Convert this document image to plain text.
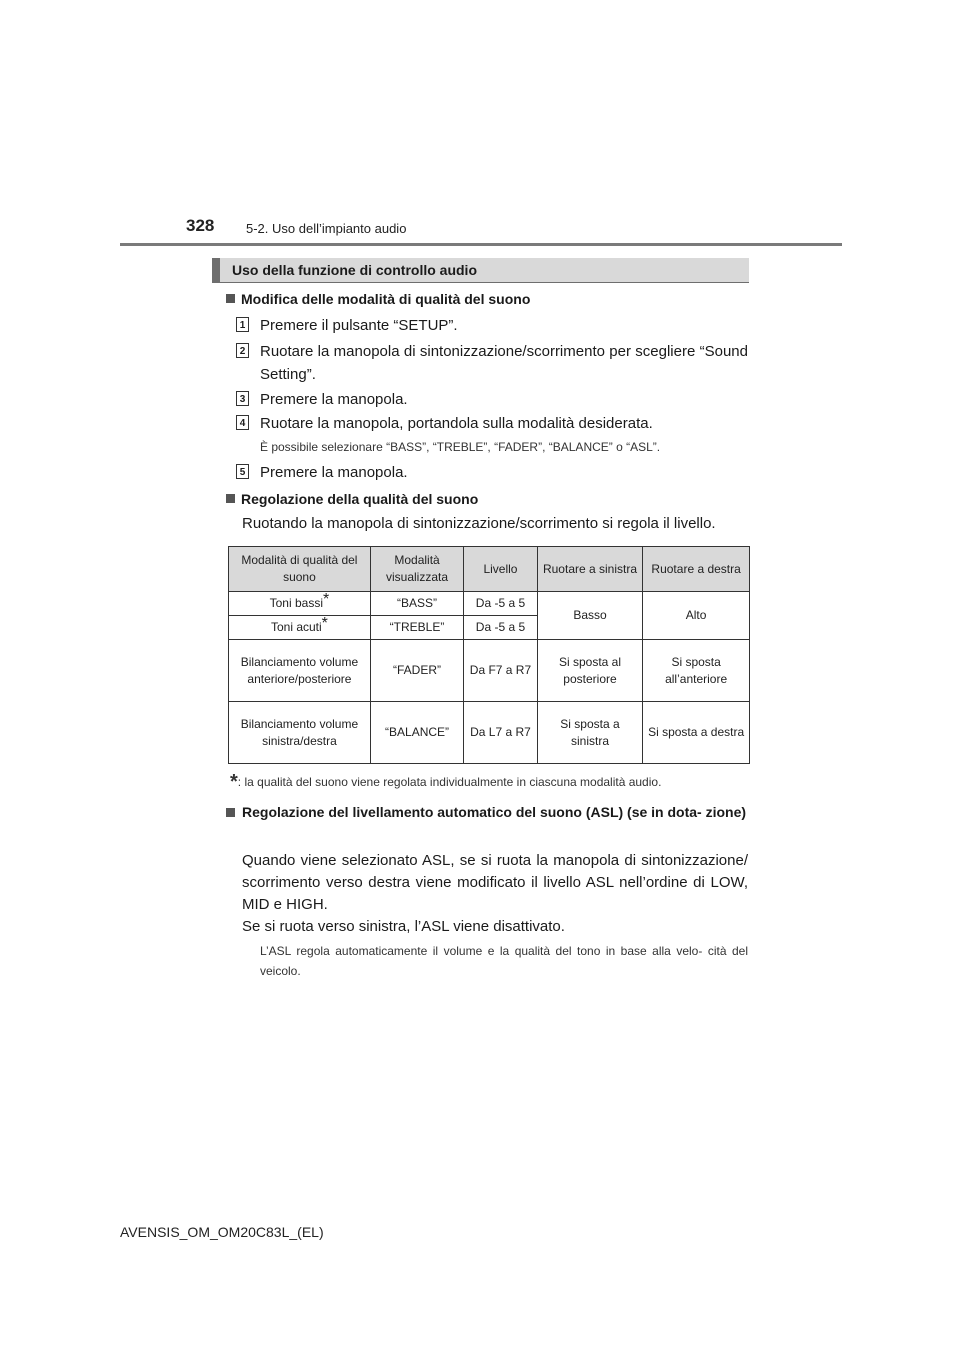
328 5-2. Uso dell’impianto audio
Uso della funzione di controllo audio
Modifica delle modalità di qualità del suono
1 Premere il pulsante “SETUP”.
2 Ruotare la manopola di sintonizzazione/scorrimento per scegliere “Sound Setting”.
3 Premere la manopola.
4 Ruotare la manopola, portandola sulla modalità desiderata.
È possibile selezionare “BASS”, “TREBLE”, “FADER”, “BALANCE” o “ASL”.
5 Premere la manopola.
Regolazione della qualità del suono
Ruotando la manopola di sintonizzazione/scorrimento si regola il livello.
Modalità di qualità del suono	Modalità visualizzata	Livello	Ruotare a sinistra	Ruotare a destra
Toni bassi*	“BASS”	Da -5 a 5	Basso	Alto
Toni acuti*	“TREBLE”	Da -5 a 5		
Bilanciamento volume anteriore/posteriore	“FADER”	Da F7 a R7	Si sposta al posteriore	Si sposta all’anteriore
Bilanciamento volume sinistra/destra	“BALANCE”	Da L7 a R7	Si sposta a sinistra	Si sposta a destra
*: la qualità del suono viene regolata individualmente in ciascuna modalità audio.
Regolazione del livellamento automatico del suono (ASL) (se in dota- zione)
Quando viene selezionato ASL, se si ruota la manopola di sintonizzazione/ scorrimento verso destra viene modificato il livello ASL nell’ordine di LOW, MID e HIGH.
Se si ruota verso sinistra, l’ASL viene disattivato.
L’ASL regola automaticamente il volume e la qualità del tono in base alla velo- cità del veicolo.
AVENSIS_OM_OM20C83L_(EL)
